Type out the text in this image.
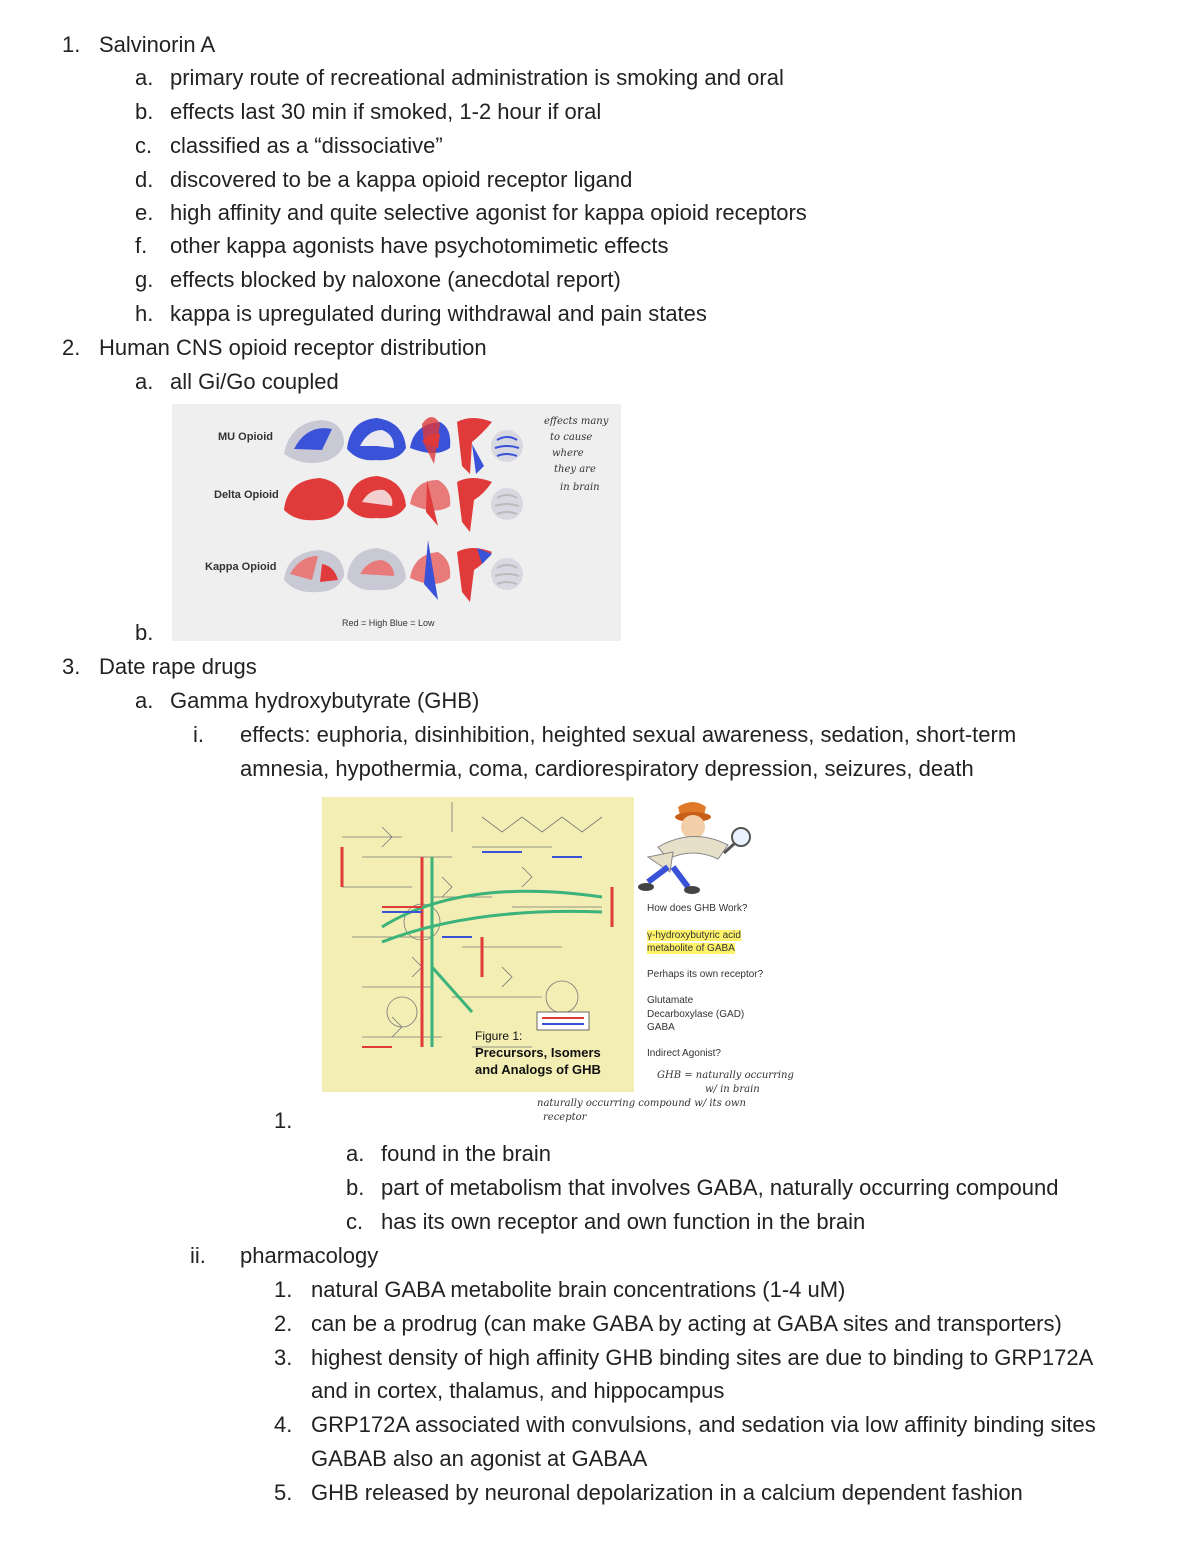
1. Salvinorin A
a. primary route of recreational administration is smoking and oral
b. effects last 30 min if smoked, 1-2 hour if oral
c. classified as a “dissociative”
d. discovered to be a kappa opioid receptor ligand
e. high affinity and quite selective agonist for kappa opioid receptors
f. other kappa agonists have psychotomimetic effects
g. effects blocked by naloxone (anecdotal report)
h. kappa is upregulated during withdrawal and pain states
2. Human CNS opioid receptor distribution
a. all Gi/Go coupled
b.
MU Opioid
Delta Opioid
Kappa Opioid
Red = High Blue = Low
effects many
to cause
where
they are
in brain
3. Date rape drugs
a. Gamma hydroxybutyrate (GHB)
i. effects: euphoria, disinhibition, heighted sexual awareness, sedation, short-term
amnesia, hypothermia, coma, cardiorespiratory depression, seizures, death
Figure 1:
Precursors, Isomers
and Analogs of GHB
How does GHB Work?
γ-hydroxybutyric acid
metabolite of GABA
Perhaps its own receptor?
Glutamate
Decarboxylase (GAD)
GABA
Indirect Agonist?
GHB = naturally occurring
w/ in brain
naturally occurring compound w/ its own
receptor
1.
a. found in the brain
b. part of metabolism that involves GABA, naturally occurring compound
c. has its own receptor and own function in the brain
ii. pharmacology
1. natural GABA metabolite brain concentrations (1-4 uM)
2. can be a prodrug (can make GABA by acting at GABA sites and transporters)
3. highest density of high affinity GHB binding sites are due to binding to GRP172A
and in cortex, thalamus, and hippocampus
4. GRP172A associated with convulsions, and sedation via low affinity binding sites
GABAB also an agonist at GABAA
5. GHB released by neuronal depolarization in a calcium dependent fashion
